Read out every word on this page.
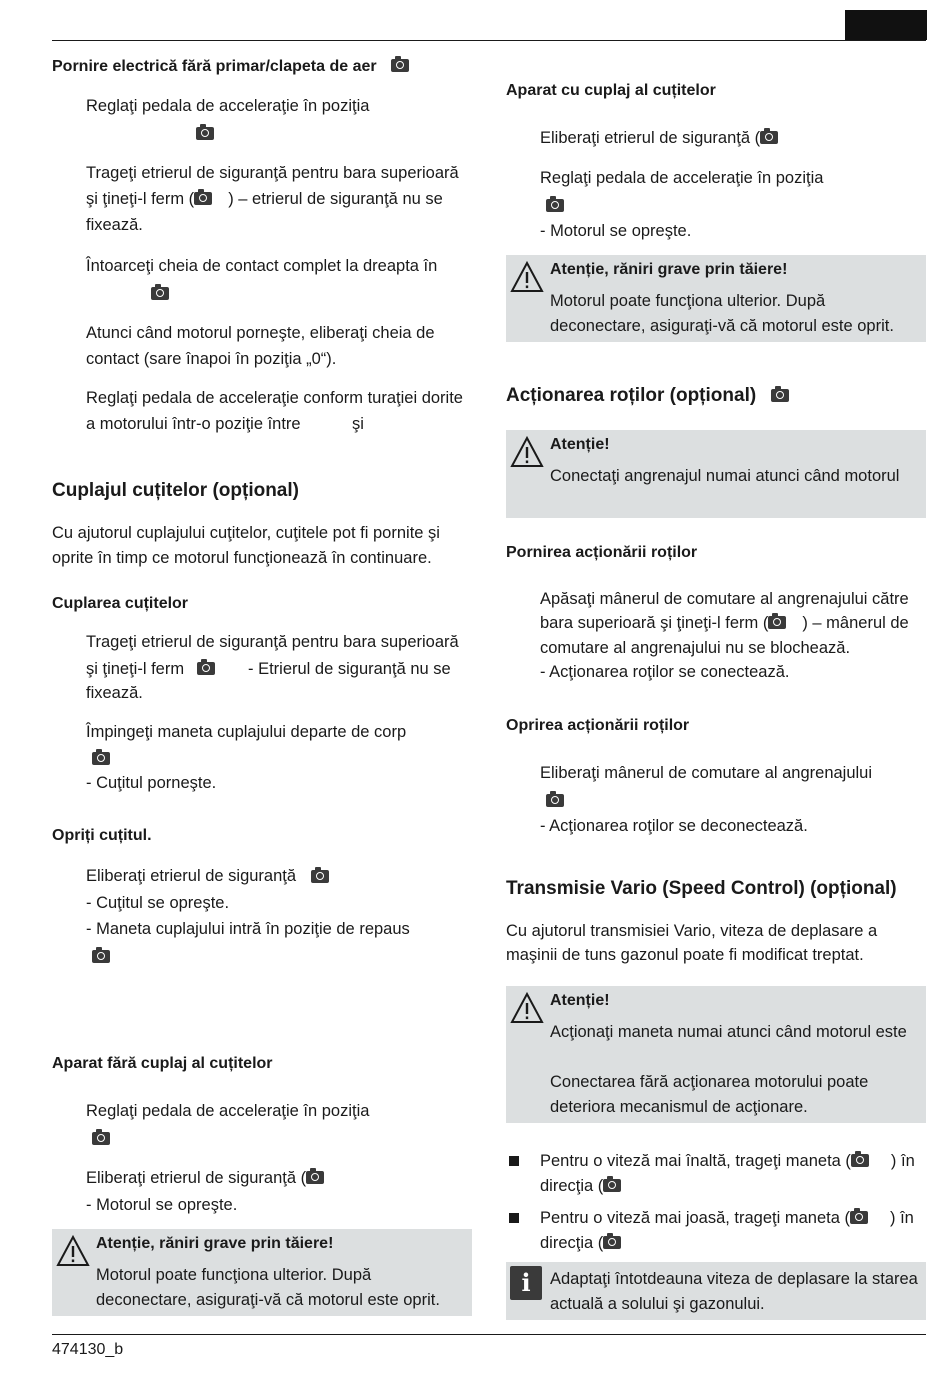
Pornire electrică fără primar/clapeta de aer
Reglaţi pedala de acceleraţie în poziţia
Trageţi etrierul de siguranţă pentru bara superioară
şi ţineţi-l ferm ( ) – etrierul de siguranţă nu se
fixează.
Întoarceţi cheia de contact complet la dreapta în
Atunci când motorul porneşte, eliberaţi cheia de
contact (sare înapoi în poziţia „0“).
Reglaţi pedala de acceleraţie conform turaţiei dorite
a motorului într-o poziţie între	şi
Cuplajul cuțitelor (opțional)
Cu ajutorul cuplajului cuţitelor, cuţitele pot fi pornite şi
oprite în timp ce motorul funcţionează în continuare.
Cuplarea cuțitelor
Trageţi etrierul de siguranţă pentru bara superioară
şi ţineţi-l ferm	- Etrierul de siguranţă nu se
fixează.
Împingeţi maneta cuplajului departe de corp
- Cuţitul porneşte.
Opriți cuțitul.
Eliberaţi etrierul de siguranţă
- Cuţitul se opreşte.
- Maneta cuplajului intră în poziţie de repaus
Aparat fără cuplaj al cuțitelor
Reglaţi pedala de acceleraţie în poziţia
Eliberaţi etrierul de siguranţă (
- Motorul se opreşte.
Atenție, răniri grave prin tăiere!
Motorul poate funcţiona ulterior. După
deconectare, asiguraţi-vă că motorul este oprit.
Aparat cu cuplaj al cuțitelor
Eliberaţi etrierul de siguranţă (
Reglaţi pedala de acceleraţie în poziţia
- Motorul se opreşte.
Atenție, răniri grave prin tăiere!
Motorul poate funcţiona ulterior. După
deconectare, asiguraţi-vă că motorul este oprit.
Acționarea roților (opțional)
Atenție!
Conectaţi angrenajul numai atunci când motorul
Pornirea acționării roților
Apăsaţi mânerul de comutare al angrenajului către
bara superioară şi ţineţi-l ferm ( ) – mânerul de
comutare al angrenajului nu se blochează.
- Acţionarea roţilor se conectează.
Oprirea acționării roților
Eliberaţi mânerul de comutare al angrenajului
- Acţionarea roţilor se deconectează.
Transmisie Vario (Speed Control) (opțional)
Cu ajutorul transmisiei Vario, viteza de deplasare a
maşinii de tuns gazonul poate fi modificat treptat.
Atenție!
Acţionaţi maneta numai atunci când motorul este
Conectarea fără acţionarea motorului poate
deteriora mecanismul de acţionare.
Pentru o viteză mai înaltă, trageţi maneta ( ) în
direcţia (
Pentru o viteză mai joasă, trageţi maneta ( ) în
direcţia (
i	Adaptaţi întotdeauna viteza de deplasare la starea
actuală a solului şi gazonului.
474130_b
